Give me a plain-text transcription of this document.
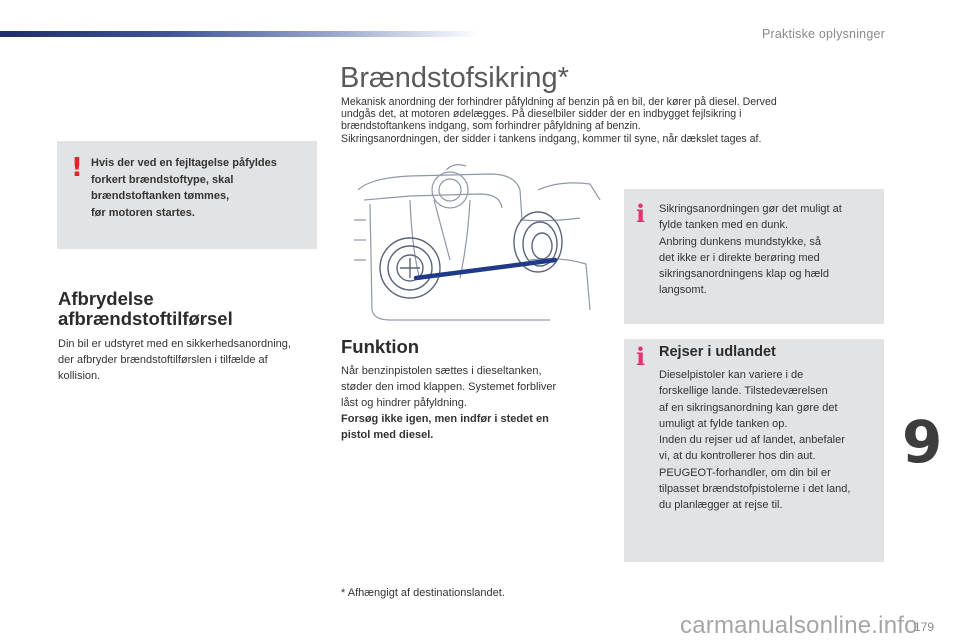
Praktiske oplysninger
Brændstofsikring*

Mekanisk anordning der forhindrer påfyldning af benzin på en bil, der kører på diesel. Derved

undgås det, at motoren ødelægges. På dieselbiler sidder der en indbygget fejlsikring i

brændstoftankens indgang, som forhindrer påfyldning af benzin.

Sikringsanordningen, der sidder i tankens indgang, kommer til syne, når dækslet tages af.

! Hvis der ved en fejltagelse påfyldes
forkert brændstoftype, skal
brændstoftanken tømmes,
før motoren startes.
Afbrydelse
afbrændstoftilførsel
Din bil er udstyret med en sikkerhedsanordning,
der afbryder brændstoftilførslen i tilfælde af
kollision.
Funktion
Når benzinpistolen sættes i dieseltanken,
støder den imod klappen. Systemet forbliver
låst og hindrer påfyldning.
Forsøg ikke igen, men indfør i stedet en
pistol med diesel.
i Sikringsanordningen gør det muligt at
fylde tanken med en dunk.
Anbring dunkens mundstykke, så
det ikke er i direkte berøring med
sikringsanordningens klap og hæld
langsomt.
i Rejser i udlandet
Dieselpistoler kan variere i de
forskellige lande. Tilstedeværelsen
af en sikringsanordning kan gøre det
umuligt at fylde tanken op.
Inden du rejser ud af landet, anbefaler
vi, at du kontrollerer hos din aut.
PEUGEOT-forhandler, om din bil er
tilpasset brændstofpistolerne i det land,
du planlægger at rejse til.
* Afhængigt af destinationslandet.
9
179
carmanualsonline.info
